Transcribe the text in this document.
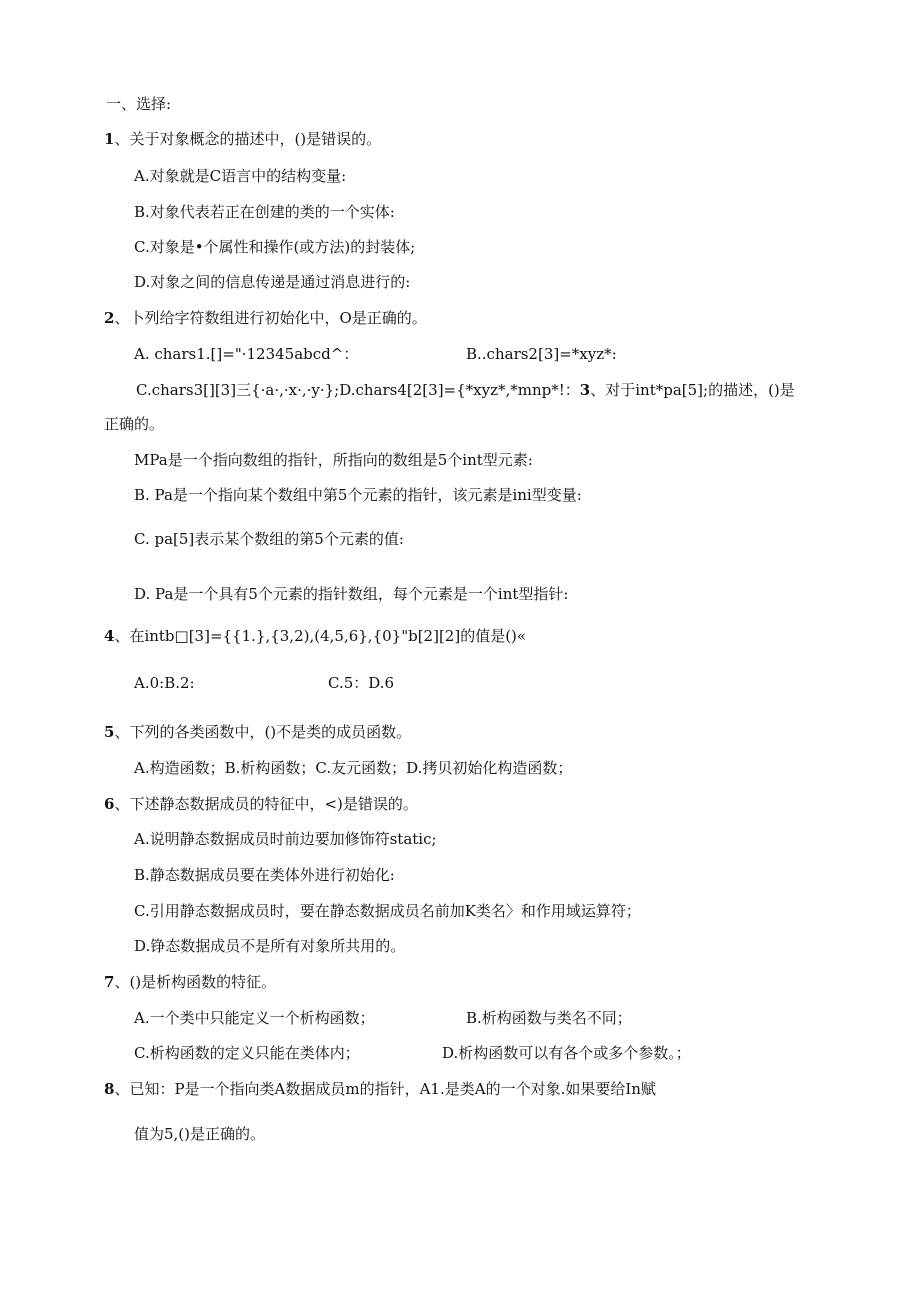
一、选择:
1、关于对象概念的描述中，()是错误的。
A.对象就是C语言中的结构变量:
B.对象代表若正在创建的类的一个实体:
C.对象是•个属性和操作(或方法)的封装体;
D.对象之间的信息传递是通过消息进行的:
2、卜列给字符数组进行初始化中，O是正确的。
A. chars1.[]="·12345abcd^：	B..chars2[3]=*xyz*:
C.chars3[][3]三{·a·,·x·,·y·};D.chars4[2[3]={*xyz*,*mnp*!：3、对于int*pa[5];的描述，()是
正确的。
MPa是一个指向数组的指针，所指向的数组是5个int型元素:
B. Pa是一个指向某个数组中第5个元素的指针，该元素是ini型变量:
C. pa[5]表示某个数组的第5个元素的值:
D. Pa是一个具有5个元素的指针数组，每个元素是一个int型指针:
4、在intb□[3]={{1.},{3,2),(4,5,6},{0}"b[2][2]的值是()«
A.0:B.2:	C.5：D.6
5、下列的各类函数中，()不是类的成员函数。
A.构造函数；B.析构函数；C.友元函数；D.拷贝初始化构造函数；
6、下述静态数据成员的特征中，<)是错误的。
A.说明静态数据成员时前边要加修饰符static;
B.静态数据成员要在类体外进行初始化:
C.引用静态数据成员时，要在静态数据成员名前加K类名〉和作用域运算符；
D.铮态数据成员不是所有对象所共用的。
7、()是析构函数的特征。
A.一个类中只能定义一个析构函数；	B.析构函数与类名不同；
C.析构函数的定义只能在类体内；	D.析构函数可以有各个或多个参数。；
8、已知：P是一个指向类A数据成员m的指针，A1.是类A的一个对象.如果要给In赋
值为5,()是正确的。
